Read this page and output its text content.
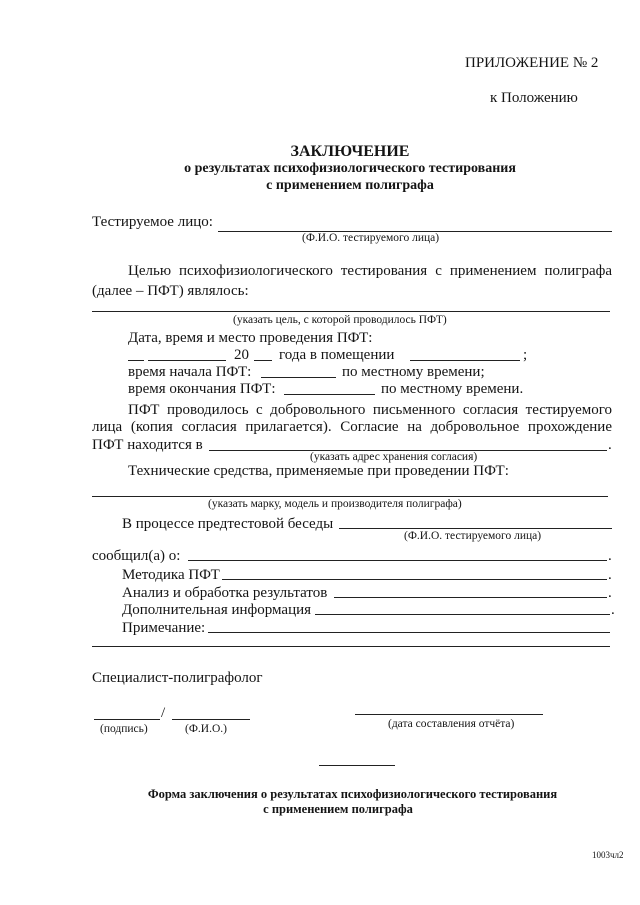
ПРИЛОЖЕНИЕ № 2
к Положению
ЗАКЛЮЧЕНИЕ
о результатах психофизиологического тестирования
с применением полиграфа
Тестируемое лицо:
(Ф.И.О. тестируемого лица)
Целью психофизиологического тестирования с применением полиграфа
(далее – ПФТ) являлось:
(указать цель, с которой проводилось ПФТ)
Дата, время и место проведения ПФТ:
20 года в помещении	;
время начала ПФТ:	по местному времени;
время окончания ПФТ:	по местному времени.
ПФТ проводилось с добровольного письменного согласия тестируемого
лица (копия согласия прилагается). Согласие на добровольное прохождение
ПФТ находится в	.
(указать адрес хранения согласия)
Технические средства, применяемые при проведении ПФТ:
(указать марку, модель и производителя полиграфа)
В процессе предтестовой беседы
(Ф.И.О. тестируемого лица)
сообщил(а) о:	.
Методика ПФТ	.
Анализ и обработка результатов	.
Дополнительная информация	.
Примечание:
Специалист-полиграфолог
/
(подпись)	(Ф.И.О.)	(дата составления отчёта)
Форма заключения о результатах психофизиологического тестирования
с применением полиграфа
1003чл2
